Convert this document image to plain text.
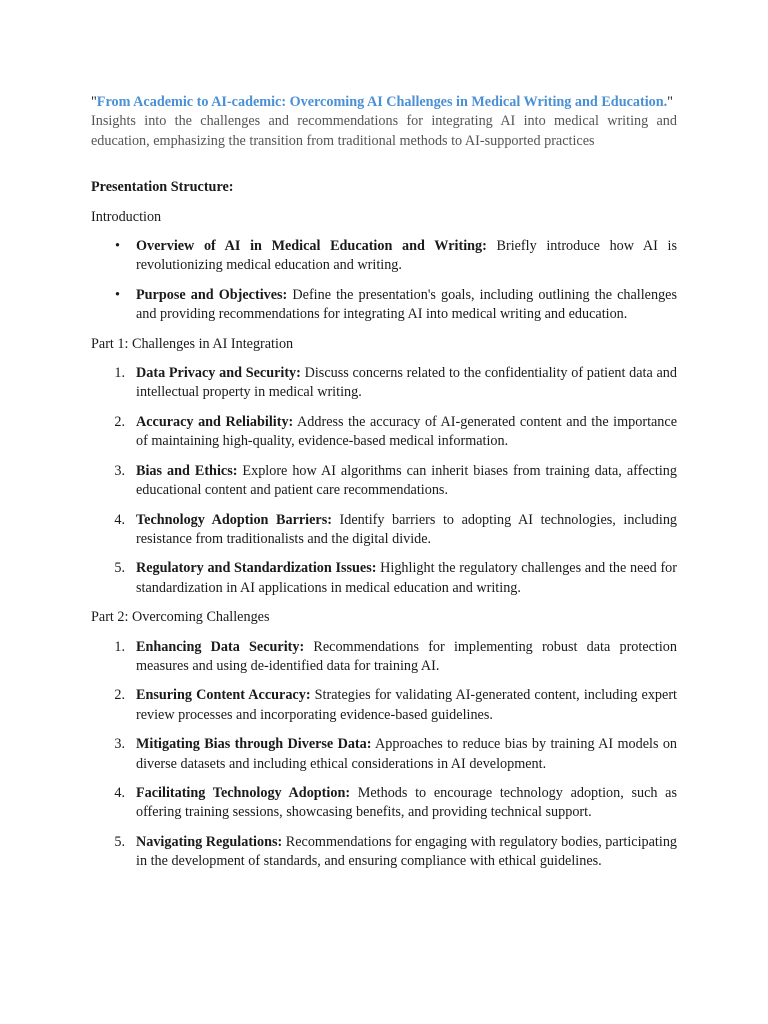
"From Academic to AI-cademic: Overcoming AI Challenges in Medical Writing and Education."

Insights into the challenges and recommendations for integrating AI into medical writing and education, emphasizing the transition from traditional methods to AI-supported practices

Presentation Structure:

Introduction

• Overview of AI in Medical Education and Writing: Briefly introduce how AI is revolutionizing medical education and writing.
• Purpose and Objectives: Define the presentation's goals, including outlining the challenges and providing recommendations for integrating AI into medical writing and education.

Part 1: Challenges in AI Integration

1. Data Privacy and Security: Discuss concerns related to the confidentiality of patient data and intellectual property in medical writing.
2. Accuracy and Reliability: Address the accuracy of AI-generated content and the importance of maintaining high-quality, evidence-based medical information.
3. Bias and Ethics: Explore how AI algorithms can inherit biases from training data, affecting educational content and patient care recommendations.
4. Technology Adoption Barriers: Identify barriers to adopting AI technologies, including resistance from traditionalists and the digital divide.
5. Regulatory and Standardization Issues: Highlight the regulatory challenges and the need for standardization in AI applications in medical education and writing.

Part 2: Overcoming Challenges

1. Enhancing Data Security: Recommendations for implementing robust data protection measures and using de-identified data for training AI.
2. Ensuring Content Accuracy: Strategies for validating AI-generated content, including expert review processes and incorporating evidence-based guidelines.
3. Mitigating Bias through Diverse Data: Approaches to reduce bias by training AI models on diverse datasets and including ethical considerations in AI development.
4. Facilitating Technology Adoption: Methods to encourage technology adoption, such as offering training sessions, showcasing benefits, and providing technical support.
5. Navigating Regulations: Recommendations for engaging with regulatory bodies, participating in the development of standards, and ensuring compliance with ethical guidelines.
